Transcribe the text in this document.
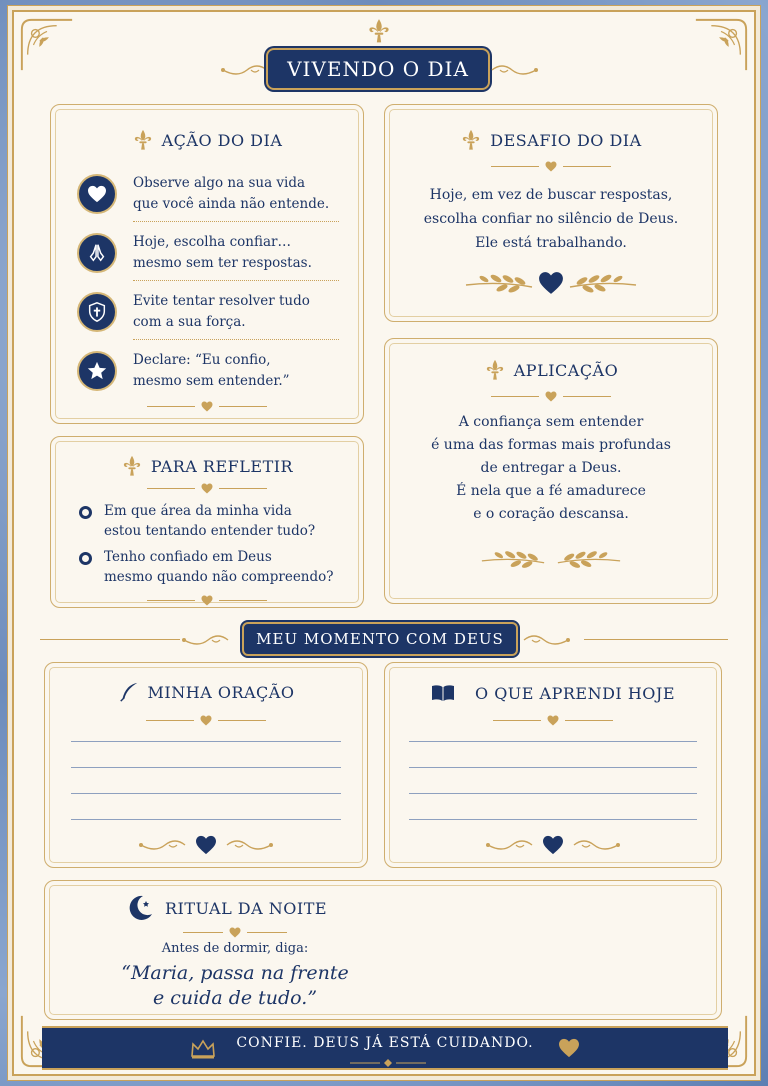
VIVENDO O DIA
AÇÃO DO DIA
Observe algo na sua vida
que você ainda não entende.
Hoje, escolha confiar…
mesmo sem ter respostas.
Evite tentar resolver tudo
com a sua força.
Declare: “Eu confio,
mesmo sem entender.”
DESAFIO DO DIA
Hoje, em vez de buscar respostas,
escolha confiar no silêncio de Deus.
Ele está trabalhando.
APLICAÇÃO
A confiança sem entender
é uma das formas mais profundas
de entregar a Deus.
É nela que a fé amadurece
e o coração descansa.
PARA REFLETIR
Em que área da minha vida
estou tentando entender tudo?
Tenho confiado em Deus
mesmo quando não compreendo?
MEU MOMENTO COM DEUS
MINHA ORAÇÃO	O QUE APRENDI HOJE
RITUAL DA NOITE
Antes de dormir, diga:
“Maria, passa na frente
e cuida de tudo.”
CONFIE. DEUS JÁ ESTÁ CUIDANDO.
